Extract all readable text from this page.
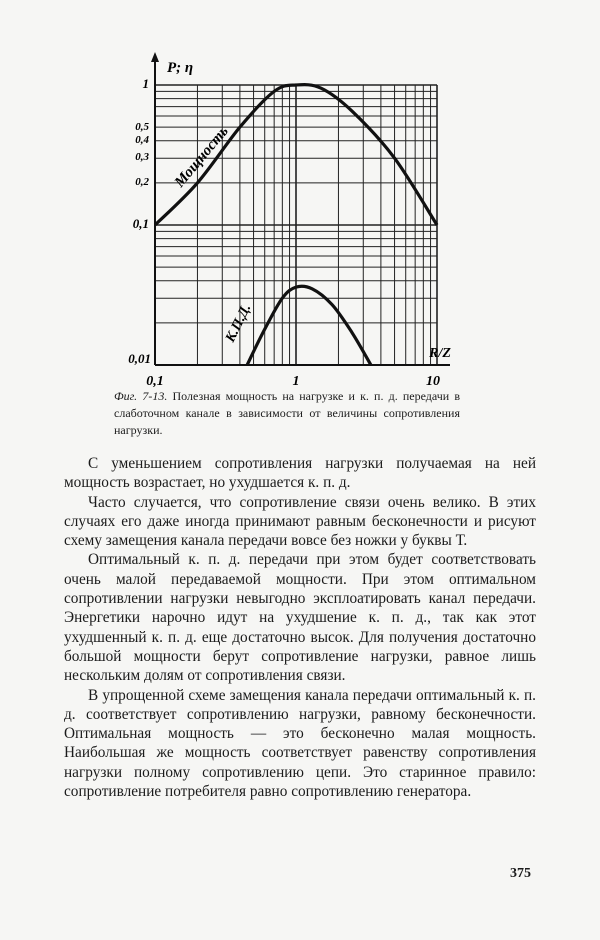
P; η
R/Z
0,1	1	10
1
0,5
0,4
0,3
0,2
0,1
0,01
Мощность
К.П.Д.
Фиг. 7-13. Полезная мощность на нагрузке и к. п. д. передачи в слаботочном канале в зависимости от величины сопротивления нагрузки.

С уменьшением сопротивления нагрузки получаемая на ней мощность возрастает, но ухудшается к. п. д.

Часто случается, что сопротивление связи очень велико. В этих случаях его даже иногда принимают равным бесконечности и рисуют схему замещения канала передачи вовсе без ножки у буквы Т.

Оптимальный к. п. д. передачи при этом будет соответствовать очень малой передаваемой мощности. При этом оптимальном сопротивлении нагрузки невыгодно эксплоатировать канал передачи. Энергетики нарочно идут на ухудшение к. п. д., так как этот ухудшенный к. п. д. еще достаточно высок. Для получения достаточно большой мощности берут сопротивление нагрузки, равное лишь нескольким долям от сопротивления связи.

В упрощенной схеме замещения канала передачи оптимальный к. п. д. соответствует сопротивлению нагрузки, равному бесконечности. Оптимальная мощность — это бесконечно малая мощность. Наибольшая же мощность соответствует равенству сопротивления нагрузки полному сопротивлению цепи. Это старинное правило: сопротивление потребителя равно сопротивлению генератора.

375
